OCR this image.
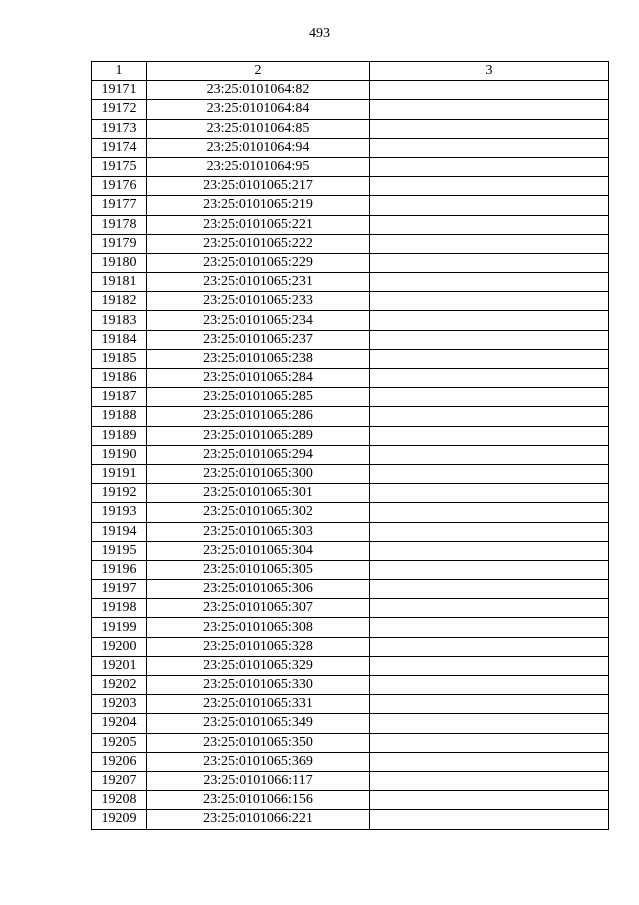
493
1	2	3
19171	23:25:0101064:82	
19172	23:25:0101064:84	
19173	23:25:0101064:85	
19174	23:25:0101064:94	
19175	23:25:0101064:95	
19176	23:25:0101065:217	
19177	23:25:0101065:219	
19178	23:25:0101065:221	
19179	23:25:0101065:222	
19180	23:25:0101065:229	
19181	23:25:0101065:231	
19182	23:25:0101065:233	
19183	23:25:0101065:234	
19184	23:25:0101065:237	
19185	23:25:0101065:238	
19186	23:25:0101065:284	
19187	23:25:0101065:285	
19188	23:25:0101065:286	
19189	23:25:0101065:289	
19190	23:25:0101065:294	
19191	23:25:0101065:300	
19192	23:25:0101065:301	
19193	23:25:0101065:302	
19194	23:25:0101065:303	
19195	23:25:0101065:304	
19196	23:25:0101065:305	
19197	23:25:0101065:306	
19198	23:25:0101065:307	
19199	23:25:0101065:308	
19200	23:25:0101065:328	
19201	23:25:0101065:329	
19202	23:25:0101065:330	
19203	23:25:0101065:331	
19204	23:25:0101065:349	
19205	23:25:0101065:350	
19206	23:25:0101065:369	
19207	23:25:0101066:117	
19208	23:25:0101066:156	
19209	23:25:0101066:221	
